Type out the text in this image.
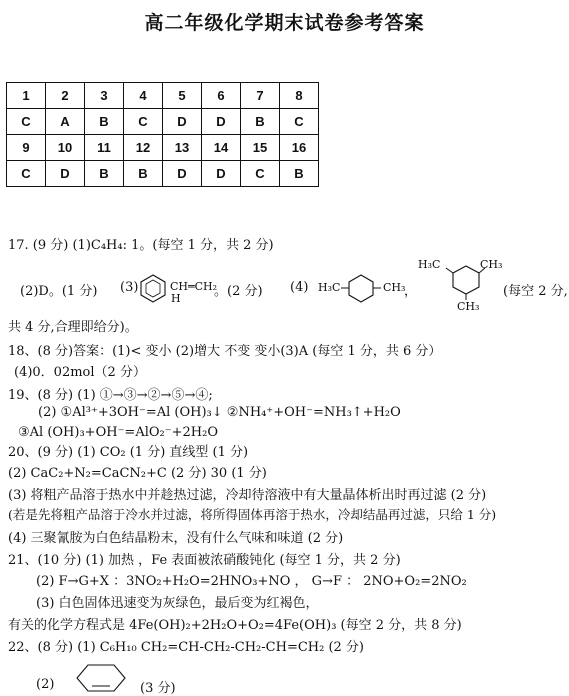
高二年级化学期末试卷参考答案
1	2	3	4	5	6	7	8
C	A	B	C	D	D	B	C
9	10	11	12	13	14	15	16
C	D	B	B	D	D	C	B
17. (9 分) (1)C₄H₄: 1。(每空 1 分，共 2 分)
(2)D。(1 分) (3)	CH═CH₂
H	。(2 分) (4) H₃C	CH₃
，
H₃C	CH₃
CH₃
(每空 2 分,
共 4 分,合理即给分)。
18、(8 分)答案：(1)< 变小 (2)增大 不变 变小(3)A (每空 1 分，共 6 分）
(4)0．02mol（2 分）
19、(8 分) (1) ①→③→②→⑤→④;
(2) ①Al³⁺+3OH⁻=Al (OH)₃↓ ②NH₄⁺+OH⁻=NH₃↑+H₂O
③Al (OH)₃+OH⁻=AlO₂⁻+2H₂O
20、(9 分) (1) CO₂ (1 分) 直线型 (1 分)
(2) CaC₂+N₂=CaCN₂+C (2 分) 30 (1 分)
(3) 将粗产品溶于热水中并趁热过滤，冷却待溶液中有大量晶体析出时再过滤 (2 分)
(若是先将粗产品溶于冷水并过滤，将所得固体再溶于热水，冷却结晶再过滤，只给 1 分)
(4) 三聚氰胺为白色结晶粉末，没有什么气味和味道 (2 分)
21、(10 分) (1) 加热 ，Fe 表面被浓硝酸钝化 (每空 1 分，共 2 分)
(2) F→G+X ：3NO₂+H₂O=2HNO₃+NO ， G→F ： 2NO+O₂=2NO₂
(3) 白色固体迅速变为灰绿色，最后变为红褐色，
有关的化学方程式是 4Fe(OH)₂+2H₂O+O₂=4Fe(OH)₃ (每空 2 分，共 8 分)
22、(8 分) (1) C₆H₁₀ CH₂=CH-CH₂-CH₂-CH=CH₂ (2 分)
(2)	(3 分)
